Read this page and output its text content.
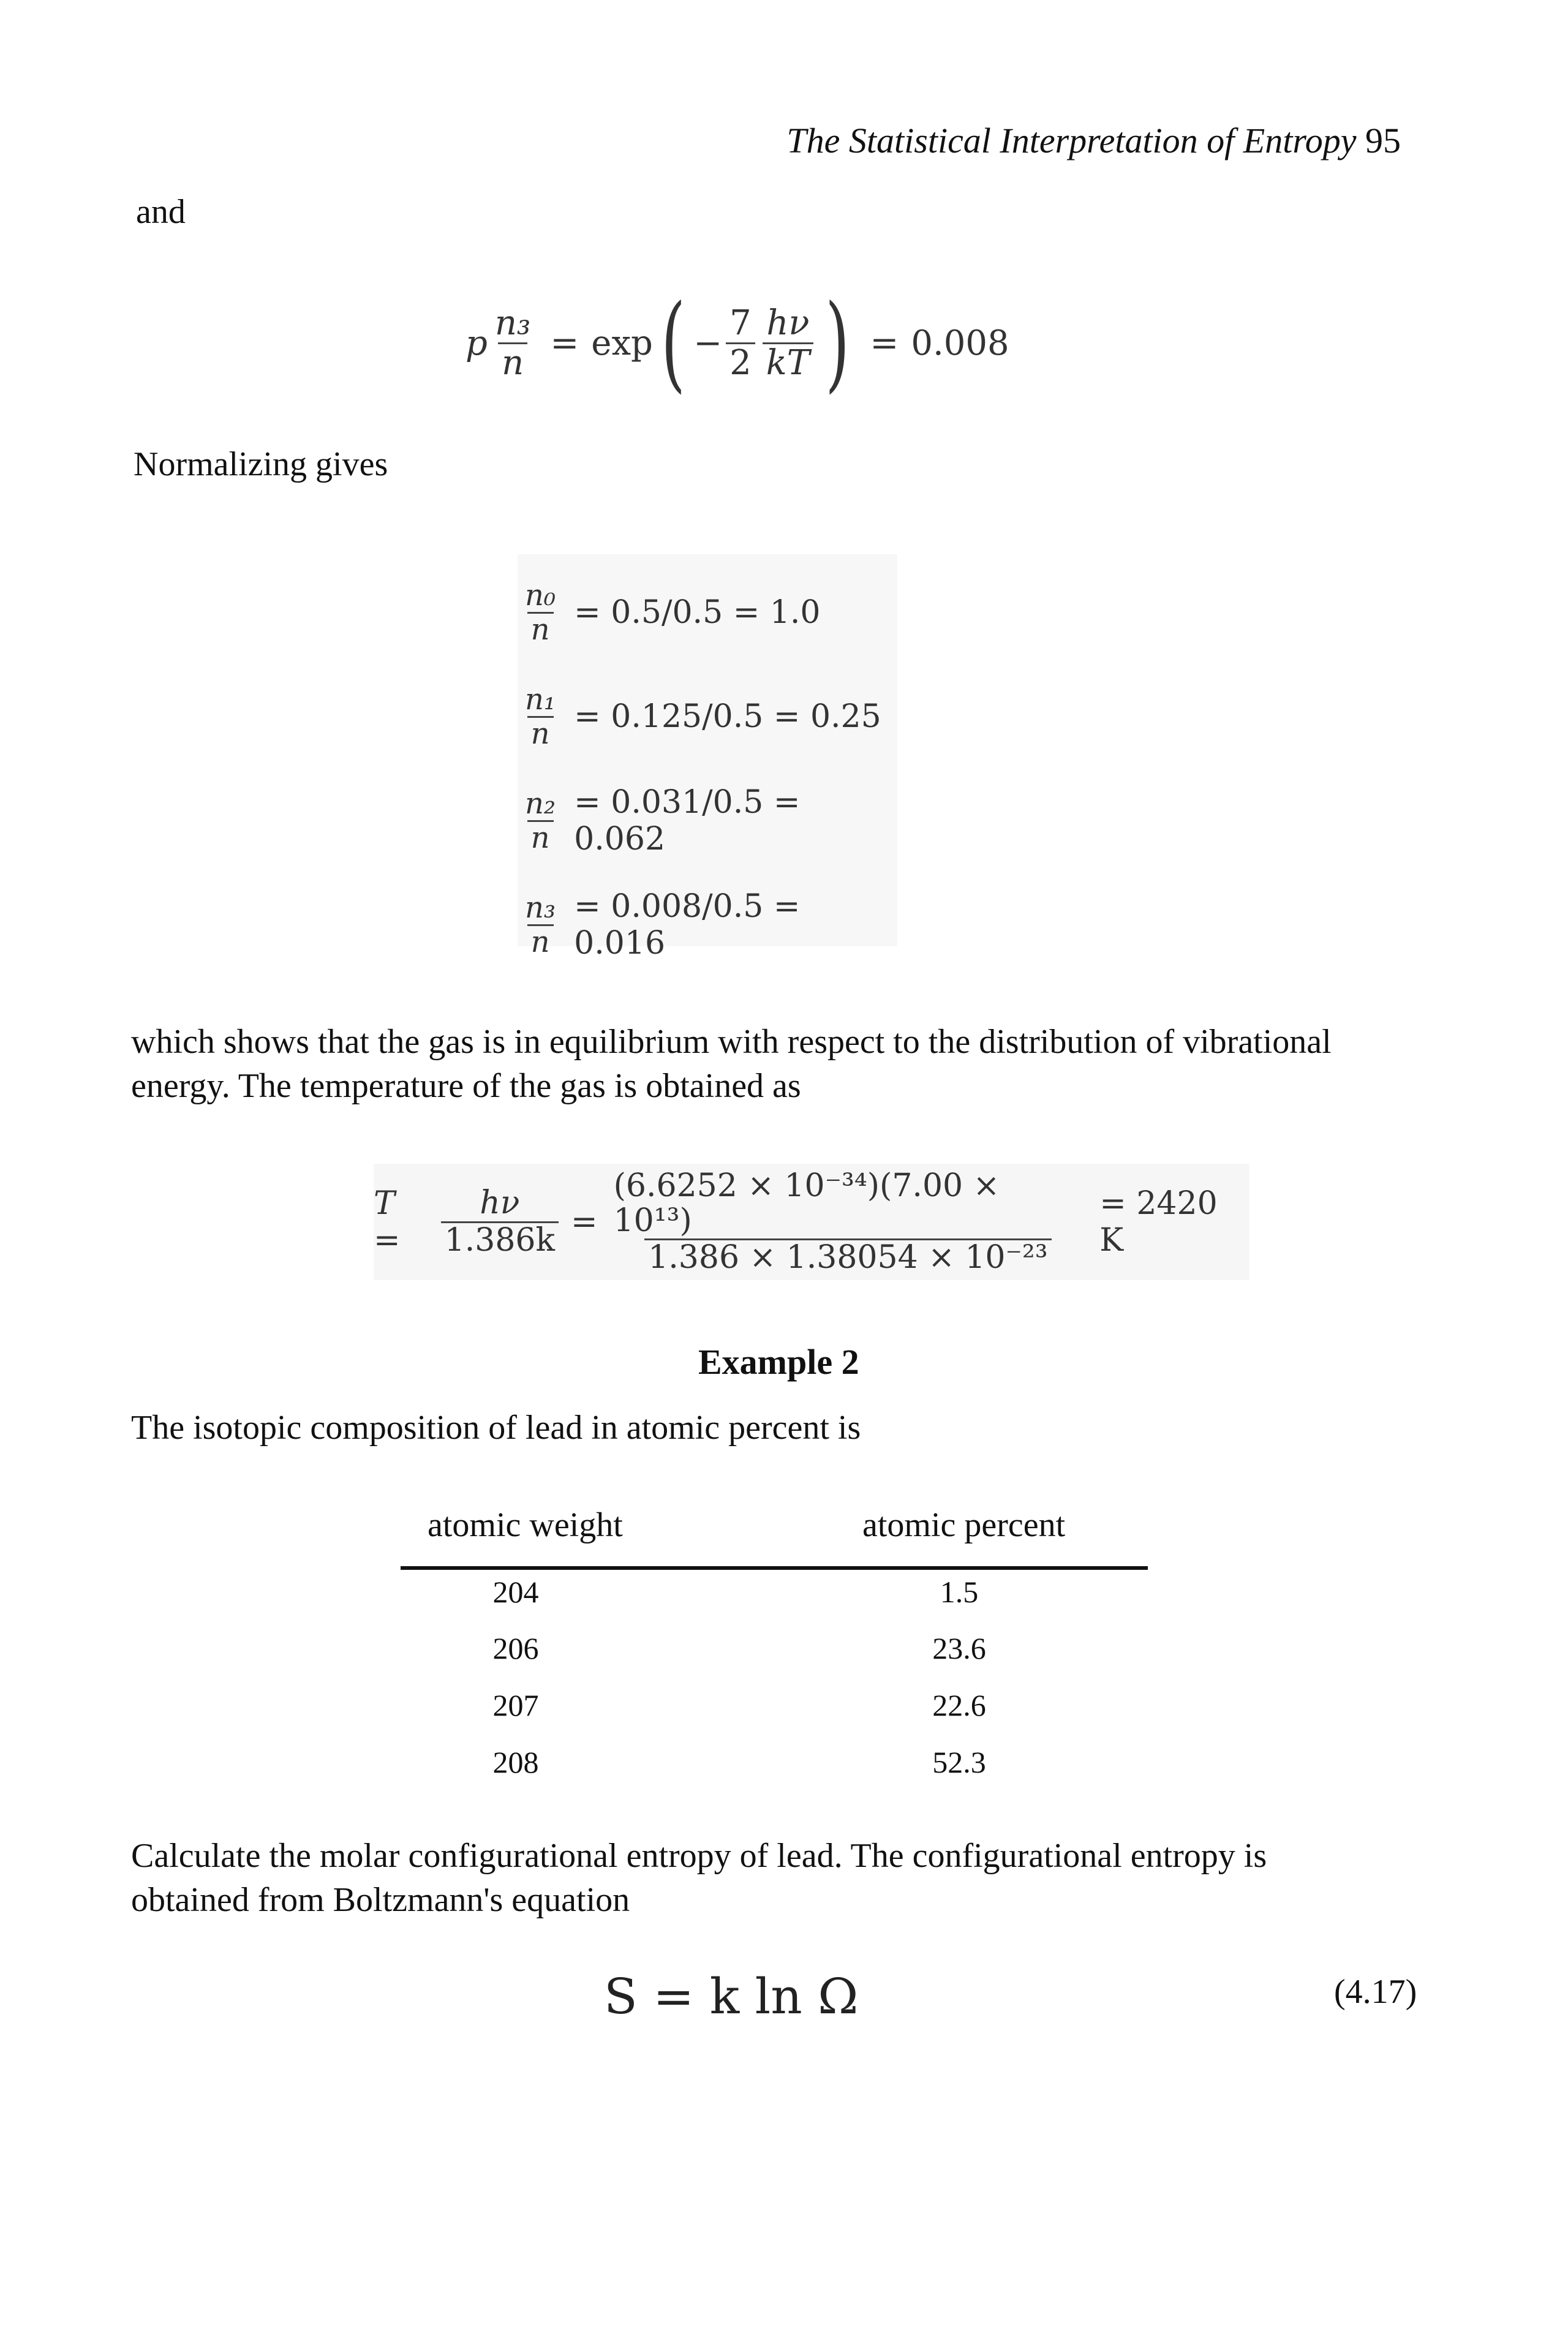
The Statistical Interpretation of Entropy 95
and
p $\frac{\text{n₃}}{n} = \exp$ ( − $\frac{7}{2} \frac{h\nu}{kT}$ ) = 0.008
Normalizing gives
$\frac{\text{n₀}}{n} = 0.5/0.5 = 1.0$
$\frac{\text{n₁}}{n} = 0.125/0.5 = 0.25$
$\frac{\text{n₂}}{n} = 0.031/0.5 = 0.062$
$\frac{\text{n₃}}{n} = 0.008/0.5 = 0.016$
which shows that the gas is in equilibrium with respect to the distribution of vibrational
energy. The temperature of the gas is obtained as
T =	$\frac{h\nu}{1.386k} = \frac{\text{(6.6252 × 10⁻³⁴)(7.00 × 10¹³)}}{\text{1.386 × 1.38054 × 10⁻²³}} = 2420$ K
Example 2
The isotopic composition of lead in atomic percent is
atomic weight	atomic percent
204	1.5
206	23.6
207	22.6
208	52.3
Calculate the molar configurational entropy of lead. The configurational entropy is
obtained from Boltzmann's equation
S = k ln Ω	(4.17)
